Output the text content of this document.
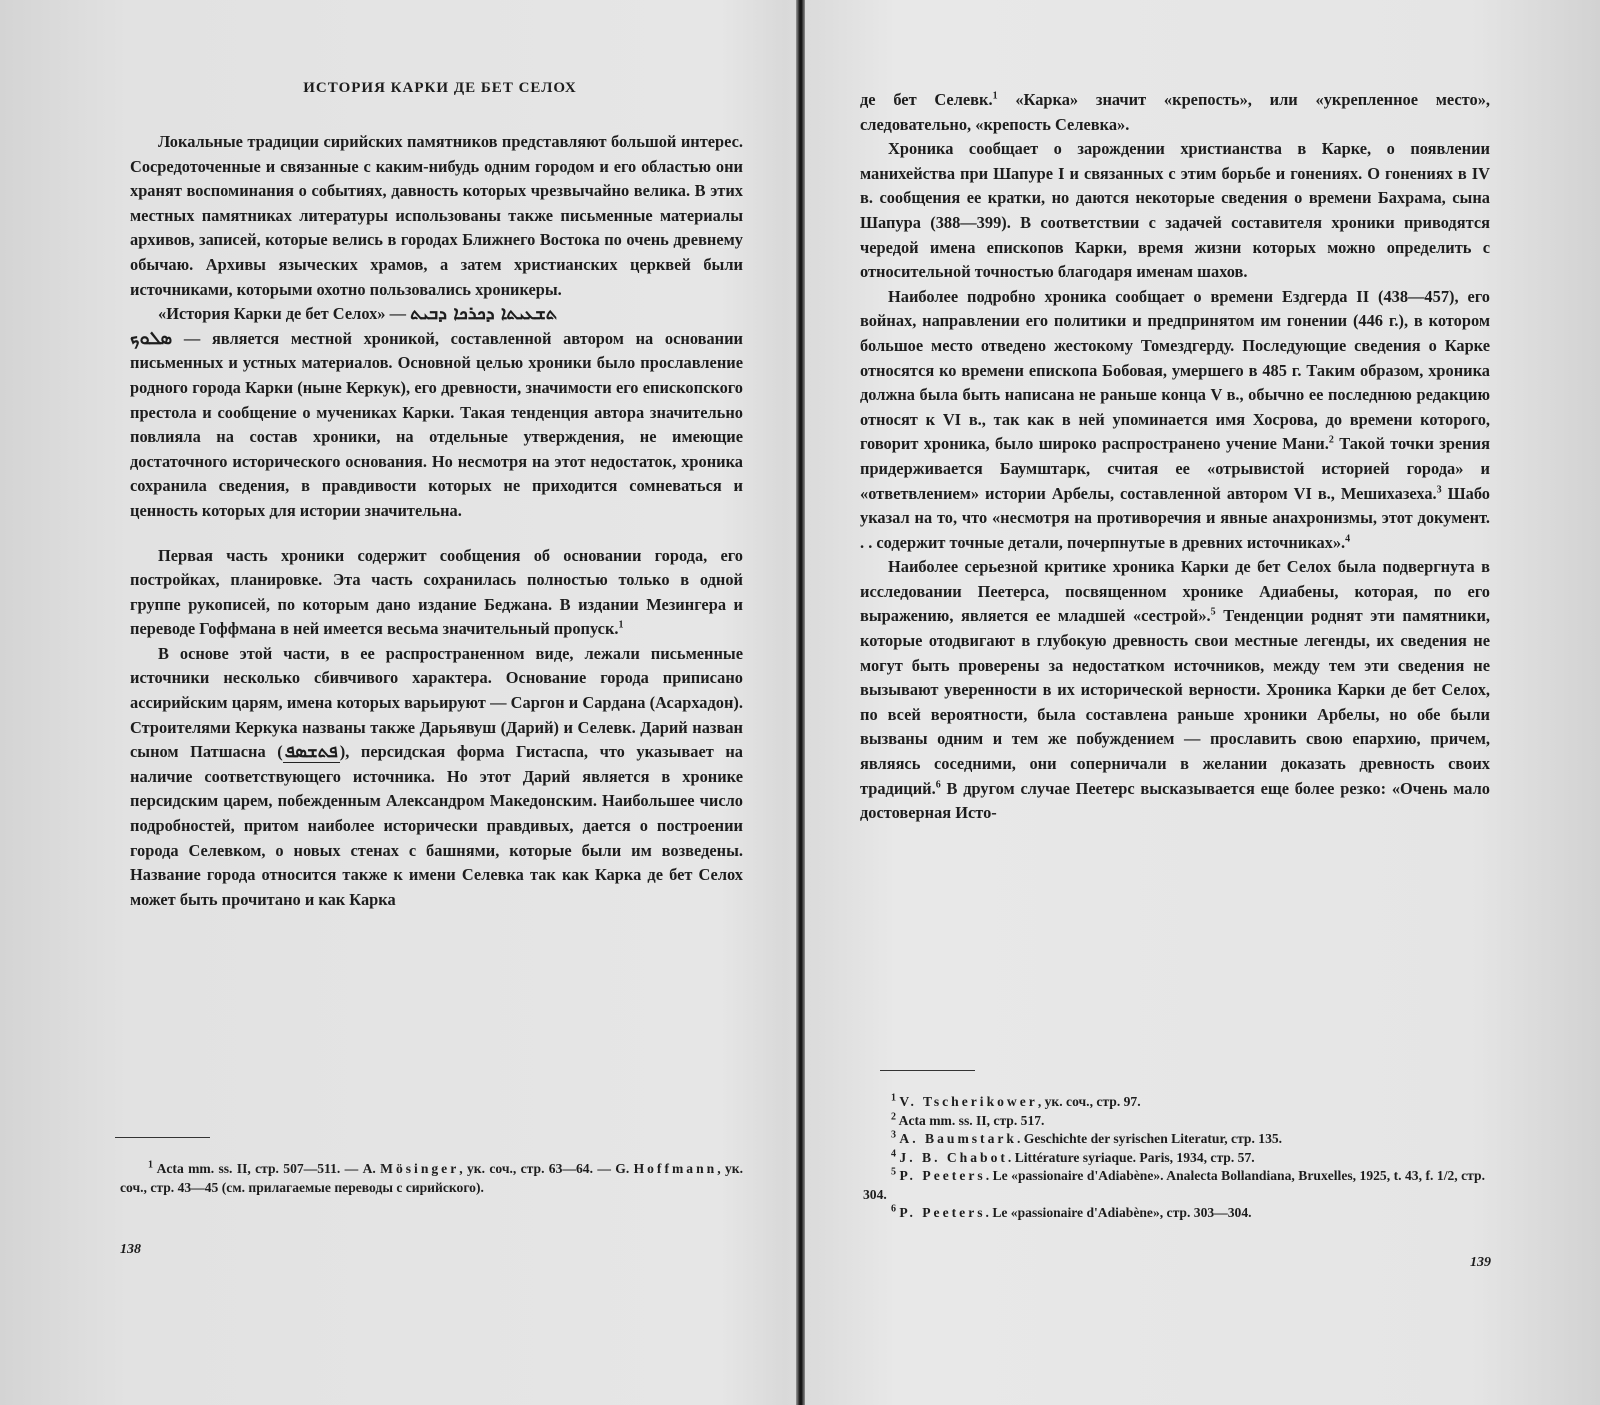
ИСТОРИЯ КАРКИ ДЕ БЕТ СЕЛОХ

Локальные традиции сирийских памятников представляют большой интерес. Сосредоточенные и связанные с каким-нибудь одним городом и его областью они хранят воспоминания о событиях, давность которых чрезвычайно велика. В этих местных памятниках литературы использованы также письменные материалы архивов, записей, которые велись в городах Ближнего Востока по очень древнему обычаю. Архивы языческих храмов, а затем христианских церквей были источниками, которыми охотно пользовались хроникеры.

«История Карки де бет Селох» — ܬܫܥܝܬܐ ܕܟܪܟܐ ܕܒܝܬ

ܣܠܘܟ — является местной хроникой, составленной автором на основании письменных и устных материалов. Основной целью хроники было прославление родного города Карки (ныне Керкук), его древности, значимости его епископского престола и сообщение о мучениках Карки. Такая тенденция автора значительно повлияла на состав хроники, на отдельные утверждения, не имеющие достаточного исторического основания. Но несмотря на этот недостаток, хроника сохранила сведения, в правдивости которых не приходится сомневаться и ценность которых для истории значительна.

Первая часть хроники содержит сообщения об основании города, его постройках, планировке. Эта часть сохранилась полностью только в одной группе рукописей, по которым дано издание Беджана. В издании Мезингера и переводе Гоффмана в ней имеется весьма значительный пропуск.$^1$

В основе этой части, в ее распространенном виде, лежали письменные источники несколько сбивчивого характера. Основание города приписано ассирийским царям, имена которых варьируют — Саргон и Сардана (Асархадон). Строителями Керкука названы также Дарьявуш (Дарий) и Селевк. Дарий назван сыном Патшасна ( ܦܬܫܣܦ ), персидская форма Гистаспа, что указывает на наличие соответствующего источника. Но этот Дарий является в хронике персидским царем, побежденным Александром Македонским. Наибольшее число подробностей, притом наиболее исторически правдивых, дается о построении города Селевком, о новых стенах с башнями, которые были им возведены. Название города относится также к имени Селевка так как Карка де бет Селох может быть прочитано и как Карка

$^1$ Acta mm. ss. II, стр. 507—511. — A. Mösinger, ук. соч., стр. 63—64. — G. Hoffmann, ук. соч., стр. 43—45 (см. прилагаемые переводы с сирийского).

138

де бет Селевк.$^1$ «Карка» значит «крепость», или «укрепленное место», следовательно, «крепость Селевка».

Хроника сообщает о зарождении христианства в Карке, о появлении манихейства при Шапуре I и связанных с этим борьбе и гонениях. О гонениях в IV в. сообщения ее кратки, но даются некоторые сведения о времени Бахрама, сына Шапура (388—399). В соответствии с задачей составителя хроники приводятся чередой имена епископов Карки, время жизни которых можно определить с относительной точностью благодаря именам шахов.

Наиболее подробно хроника сообщает о времени Ездгерда II (438—457), его войнах, направлении его политики и предпринятом им гонении (446 г.), в котором большое место отведено жестокому Томездгерду. Последующие сведения о Карке относятся ко времени епископа Бобовая, умершего в 485 г. Таким образом, хроника должна была быть написана не раньше конца V в., обычно ее последнюю редакцию относят к VI в., так как в ней упоминается имя Хосрова, до времени которого, говорит хроника, было широко распространено учение Мани.$^2$ Такой точки зрения придерживается Баумштарк, считая ее «отрывистой историей города» и «ответвлением» истории Арбелы, составленной автором VI в., Мешихазеха.$^3$ Шабо указал на то, что «несмотря на противоречия и явные анахронизмы, этот документ. . . содержит точные детали, почерпнутые в древних источниках».$^4$

Наиболее серьезной критике хроника Карки де бет Селох была подвергнута в исследовании Пеетерса, посвященном хронике Адиабены, которая, по его выражению, является ее младшей «сестрой».$^5$ Тенденции роднят эти памятники, которые отодвигают в глубокую древность свои местные легенды, их сведения не могут быть проверены за недостатком источников, между тем эти сведения не вызывают уверенности в их исторической верности. Хроника Карки де бет Селох, по всей вероятности, была составлена раньше хроники Арбелы, но обе были вызваны одним и тем же побуждением — прославить свою епархию, причем, являясь соседними, они соперничали в желании доказать древность своих традиций.$^6$ В другом случае Пеетерс высказывается еще более резко: «Очень мало достоверная Исто-

$^1$ V. Tscherikower, ук. соч., стр. 97.

$^2$ Acta mm. ss. II, стр. 517.

$^3$ A. Baumstark. Geschichte der syrischen Literatur, стр. 135.

$^4$ J. B. Chabot. Littérature syriaque. Paris, 1934, стр. 57.

$^5$ P. Peeters. Le «passionaire d'Adiabène». Analecta Bollandiana, Bruxelles, 1925, t. 43, f. 1/2, стр. 304.

$^6$ P. Peeters. Le «passionaire d'Adiabène», стр. 303—304.

139
